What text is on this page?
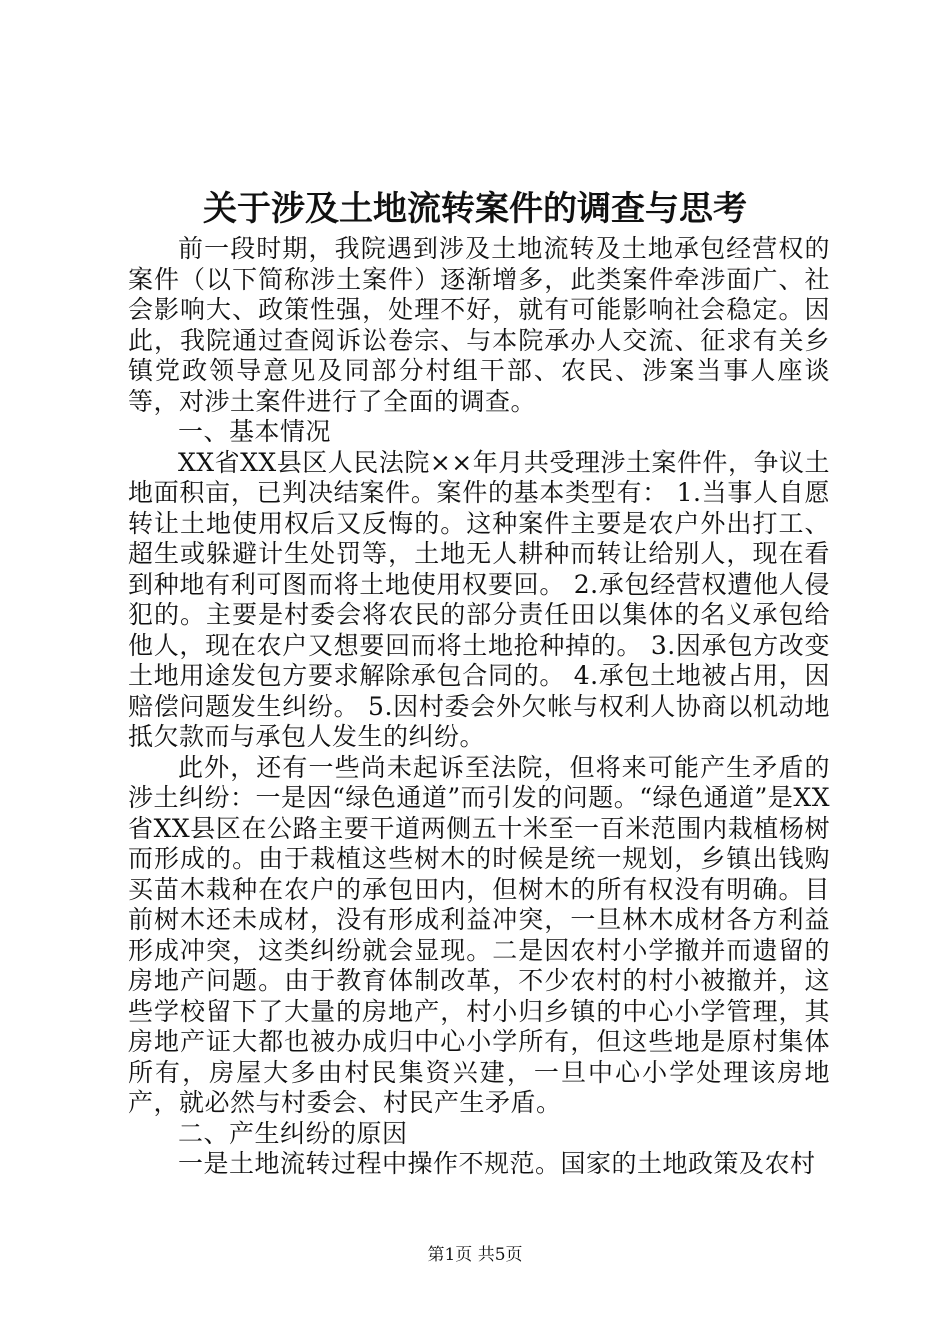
关于涉及土地流转案件的调查与思考

前一段时期，我院遇到涉及土地流转及土地承包经营权的案件（以下简称涉土案件）逐渐增多，此类案件牵涉面广、社会影响大、政策性强，处理不好，就有可能影响社会稳定。因此，我院通过查阅诉讼卷宗、与本院承办人交流、征求有关乡镇党政领导意见及同部分村组干部、农民、涉案当事人座谈等，对涉土案件进行了全面的调查。

一、基本情况

XX省XX县区人民法院××年月共受理涉土案件件，争议土地面积亩，已判决结案件。案件的基本类型有： 1.当事人自愿转让土地使用权后又反悔的。这种案件主要是农户外出打工、超生或躲避计生处罚等，土地无人耕种而转让给别人，现在看到种地有利可图而将土地使用权要回。 2.承包经营权遭他人侵犯的。主要是村委会将农民的部分责任田以集体的名义承包给他人，现在农户又想要回而将土地抢种掉的。 3.因承包方改变土地用途发包方要求解除承包合同的。 4.承包土地被占用，因赔偿问题发生纠纷。 5.因村委会外欠帐与权利人协商以机动地抵欠款而与承包人发生的纠纷。

此外，还有一些尚未起诉至法院，但将来可能产生矛盾的涉土纠纷：一是因“绿色通道”而引发的问题。“绿色通道”是XX省XX县区在公路主要干道两侧五十米至一百米范围内栽植杨树而形成的。由于栽植这些树木的时候是统一规划，乡镇出钱购买苗木栽种在农户的承包田内，但树木的所有权没有明确。目前树木还未成材，没有形成利益冲突，一旦林木成材各方利益形成冲突，这类纠纷就会显现。二是因农村小学撤并而遗留的房地产问题。由于教育体制改革，不少农村的村小被撤并，这些学校留下了大量的房地产，村小归乡镇的中心小学管理，其房地产证大都也被办成归中心小学所有，但这些地是原村集体所有，房屋大多由村民集资兴建，一旦中心小学处理该房地产，就必然与村委会、村民产生矛盾。

二、产生纠纷的原因

一是土地流转过程中操作不规范。国家的土地政策及农村

第1页 共5页
